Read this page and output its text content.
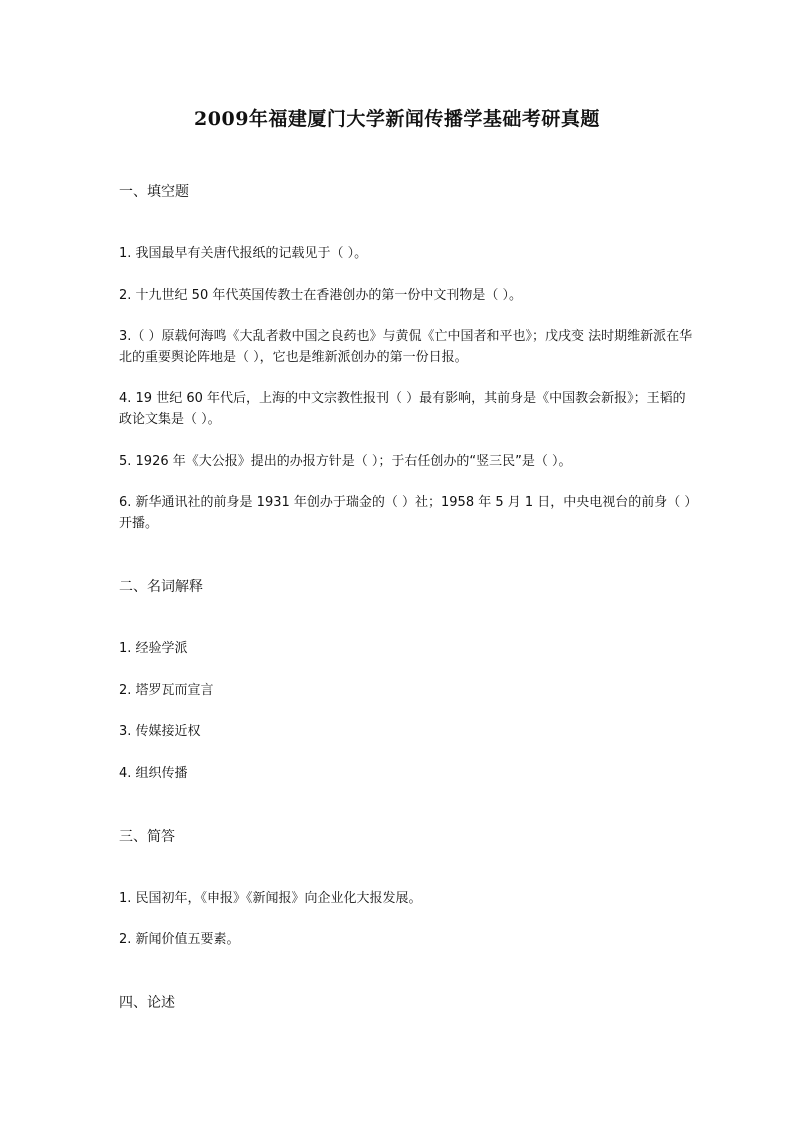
2009年福建厦门大学新闻传播学基础考研真题
一、填空题
1. 我国最早有关唐代报纸的记载见于（ ）。
2. 十九世纪 50 年代英国传教士在香港创办的第一份中文刊物是（ ）。
3.（ ）原载何海鸣《大乱者救中国之良药也》与黄侃《亡中国者和平也》；戊戌变 法时期维新派在华北的重要舆论阵地是（ ），它也是维新派创办的第一份日报。
4. 19 世纪 60 年代后，上海的中文宗教性报刊（ ）最有影响，其前身是《中国教会新报》；王韬的政论文集是（ ）。
5. 1926 年《大公报》提出的办报方针是（ ）；于右任创办的“竖三民”是（ ）。
6. 新华通讯社的前身是 1931 年创办于瑞金的（ ）社；1958 年 5 月 1 日，中央电视台的前身（ ）开播。
二、名词解释
1. 经验学派
2. 塔罗瓦而宣言
3. 传媒接近权
4. 组织传播
三、简答
1. 民国初年，《申报》《新闻报》向企业化大报发展。
2. 新闻价值五要素。
四、论述
